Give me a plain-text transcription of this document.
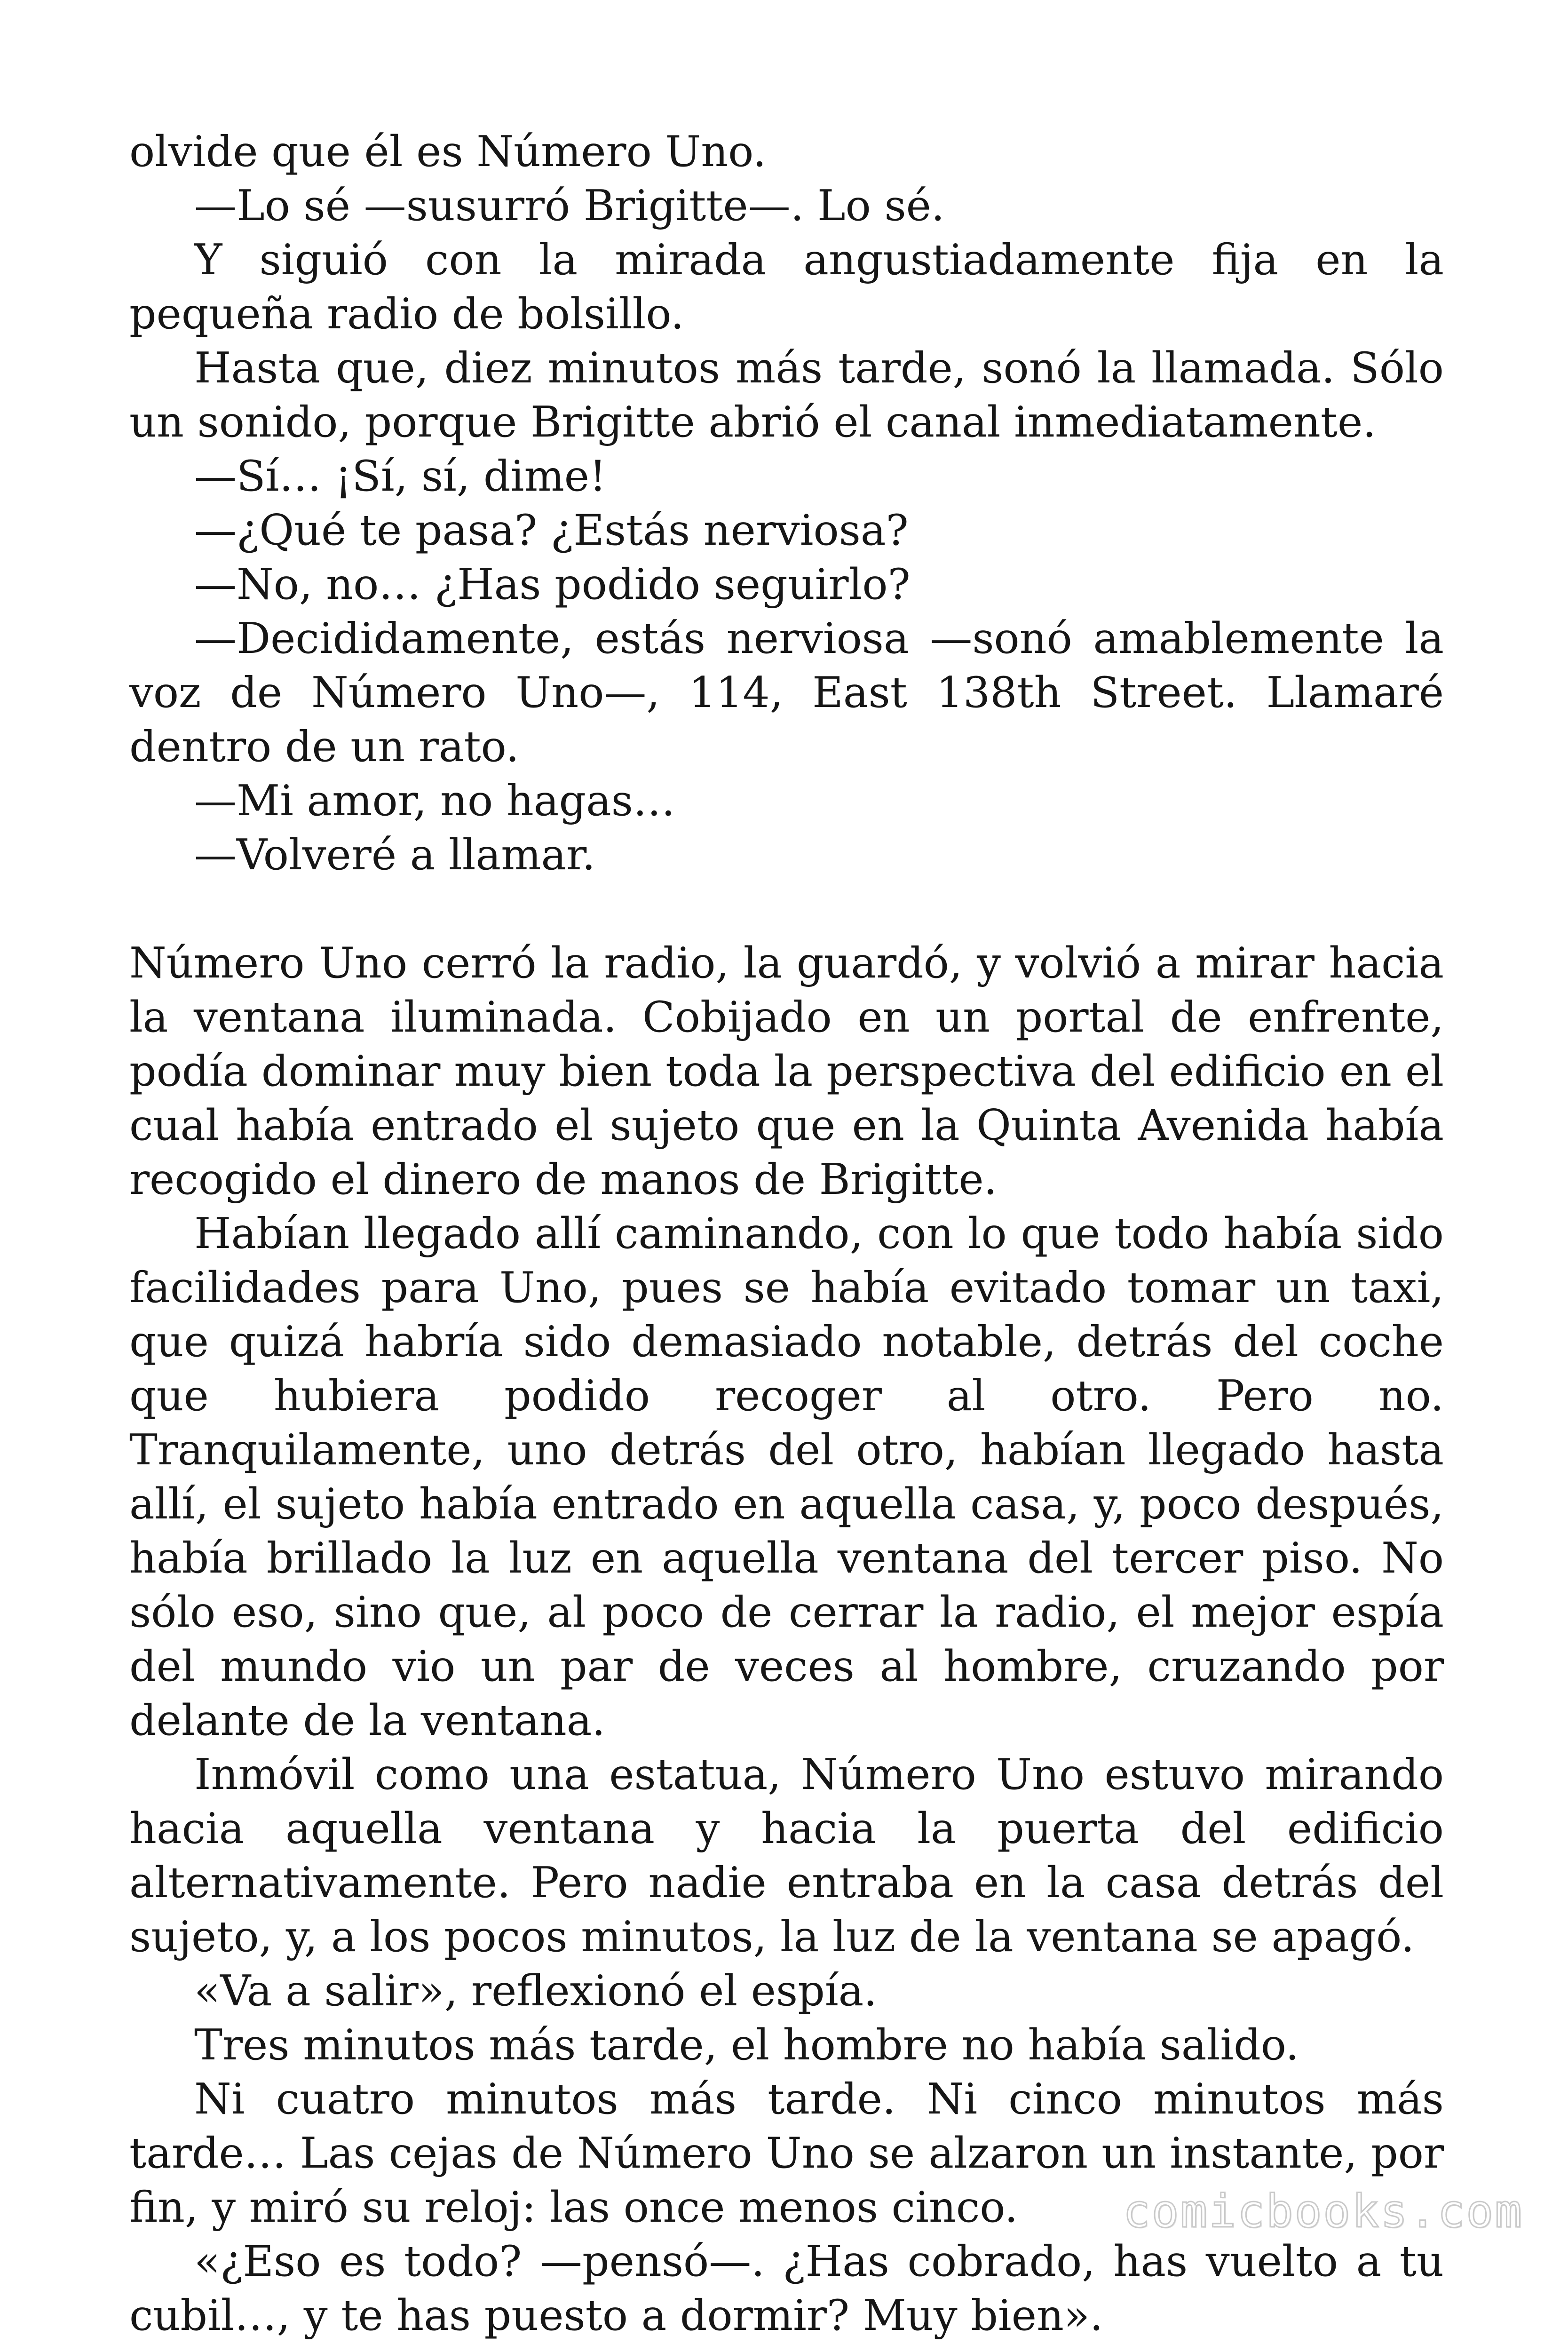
olvide que él es Número Uno.

—Lo sé —susurró Brigitte—. Lo sé.

Y siguió con la mirada angustiadamente fija en la pequeña radio de bolsillo.

Hasta que, diez minutos más tarde, sonó la llamada. Sólo un sonido, porque Brigitte abrió el canal inmediatamente.

—Sí… ¡Sí, sí, dime!

—¿Qué te pasa? ¿Estás nerviosa?

—No, no… ¿Has podido seguirlo?

—Decididamente, estás nerviosa —sonó amablemente la voz de Número Uno—, 114, East 138th Street. Llamaré dentro de un rato.

—Mi amor, no hagas…

—Volveré a llamar.

Número Uno cerró la radio, la guardó, y volvió a mirar hacia la ventana iluminada. Cobijado en un portal de enfrente, podía dominar muy bien toda la perspectiva del edificio en el cual había entrado el sujeto que en la Quinta Avenida había recogido el dinero de manos de Brigitte.

Habían llegado allí caminando, con lo que todo había sido facilidades para Uno, pues se había evitado tomar un taxi, que quizá habría sido demasiado notable, detrás del coche que hubiera podido recoger al otro. Pero no. Tranquilamente, uno detrás del otro, habían llegado hasta allí, el sujeto había entrado en aquella casa, y, poco después, había brillado la luz en aquella ventana del tercer piso. No sólo eso, sino que, al poco de cerrar la radio, el mejor espía del mundo vio un par de veces al hombre, cruzando por delante de la ventana.

Inmóvil como una estatua, Número Uno estuvo mirando hacia aquella ventana y hacia la puerta del edificio alternativamente. Pero nadie entraba en la casa detrás del sujeto, y, a los pocos minutos, la luz de la ventana se apagó.

«Va a salir», reflexionó el espía.

Tres minutos más tarde, el hombre no había salido.

Ni cuatro minutos más tarde. Ni cinco minutos más tarde… Las cejas de Número Uno se alzaron un instante, por fin, y miró su reloj: las once menos cinco.

«¿Eso es todo? —pensó—. ¿Has cobrado, has vuelto a tu cubil…, y te has puesto a dormir? Muy bien».

comicbooks.com
